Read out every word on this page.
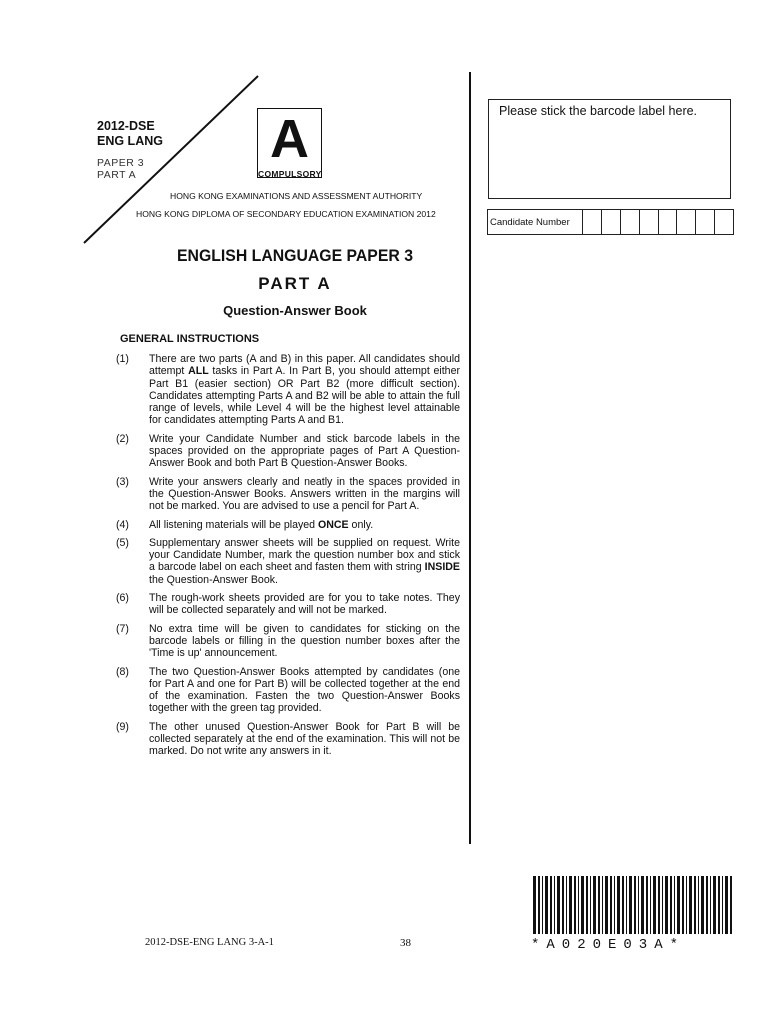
2012-DSE
ENG LANG
PAPER 3
PART A
A
COMPULSORY
HONG KONG EXAMINATIONS AND ASSESSMENT AUTHORITY
HONG KONG DIPLOMA OF SECONDARY EDUCATION EXAMINATION 2012
ENGLISH LANGUAGE PAPER 3
PART A
Question-Answer Book
GENERAL INSTRUCTIONS
(1)	There are two parts (A and B) in this paper. All candidates should attempt ALL tasks in Part A. In Part B, you should attempt either Part B1 (easier section) OR Part B2 (more difficult section). Candidates attempting Parts A and B2 will be able to attain the full range of levels, while Level 4 will be the highest level attainable for candidates attempting Parts A and B1.
(2)	Write your Candidate Number and stick barcode labels in the spaces provided on the appropriate pages of Part A Question-Answer Book and both Part B Question-Answer Books.
(3)	Write your answers clearly and neatly in the spaces provided in the Question-Answer Books. Answers written in the margins will not be marked. You are advised to use a pencil for Part A.
(4)	All listening materials will be played ONCE only.
(5)	Supplementary answer sheets will be supplied on request. Write your Candidate Number, mark the question number box and stick a barcode label on each sheet and fasten them with string INSIDE the Question-Answer Book.
(6)	The rough-work sheets provided are for you to take notes. They will be collected separately and will not be marked.
(7)	No extra time will be given to candidates for sticking on the barcode labels or filling in the question number boxes after the 'Time is up' announcement.
(8)	The two Question-Answer Books attempted by candidates (one for Part A and one for Part B) will be collected together at the end of the examination. Fasten the two Question-Answer Books together with the green tag provided.
(9)	The other unused Question-Answer Book for Part B will be collected separately at the end of the examination. This will not be marked. Do not write any answers in it.
Please stick the barcode label here.
Candidate Number
2012-DSE-ENG LANG 3-A-1	38	*A020E03A*
